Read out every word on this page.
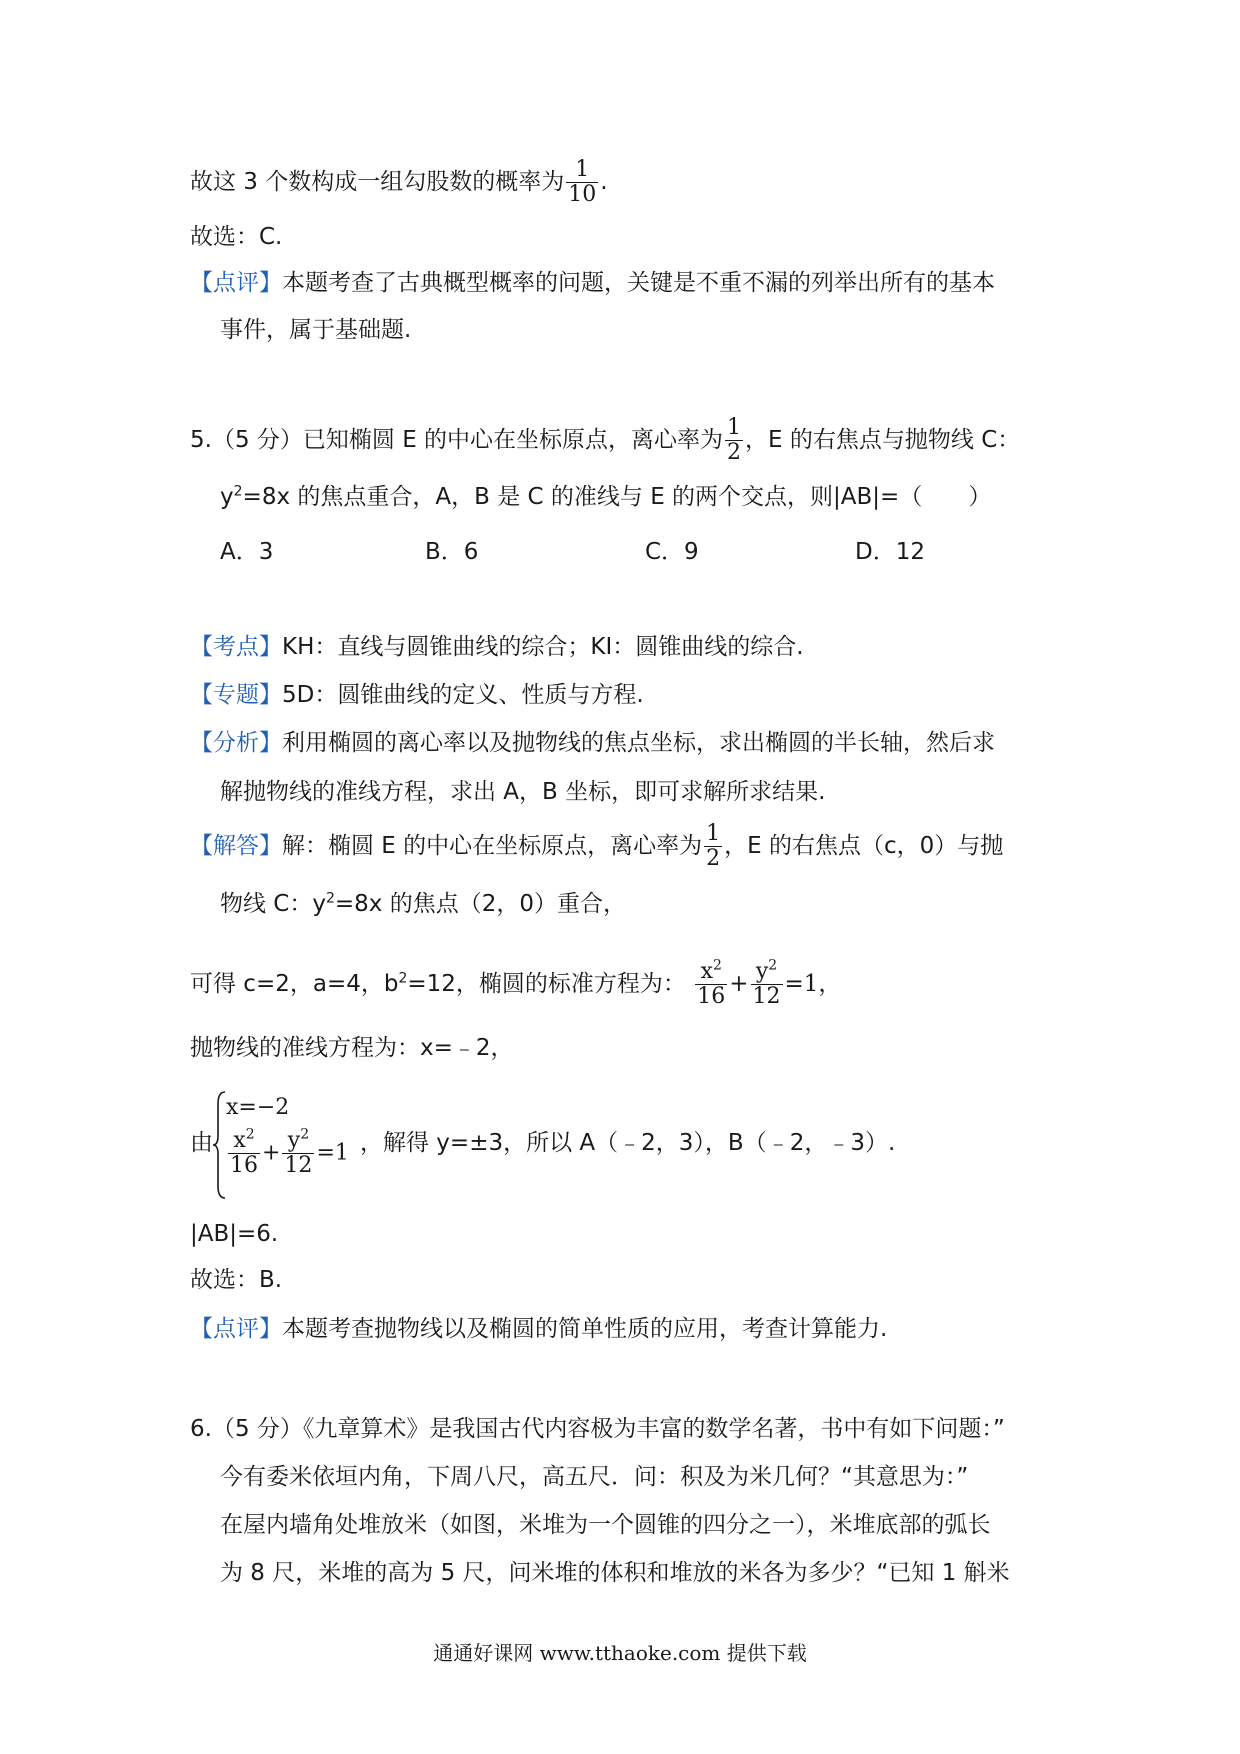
故这 3 个数构成一组勾股数的概率为 $\frac{1}{10}$ .
故选：C.
【点评】本题考查了古典概型概率的问题，关键是不重不漏的列举出所有的基本
事件，属于基础题.
5.（5 分）已知椭圆 E 的中心在坐标原点，离心率为 $\frac{1}{2}$ ，E 的右焦点与抛物线 C：
$y^2=8x$ 的焦点重合，A，B 是 C 的准线与 E 的两个交点，则|AB|=（　　）
A．3	B．6	C．9	D．12
【考点】KH：直线与圆锥曲线的综合；KI：圆锥曲线的综合.
【专题】5D：圆锥曲线的定义、性质与方程.
【分析】利用椭圆的离心率以及抛物线的焦点坐标，求出椭圆的半长轴，然后求
解抛物线的准线方程，求出 A，B 坐标，即可求解所求结果.
【解答】解：椭圆 E 的中心在坐标原点，离心率为 $\frac{1}{2}$ ，E 的右焦点（c，0）与抛
物线 C：$y^2=8x$ 的焦点（2，0）重合，
可得 c=2，a=4，$b^2=12$，椭圆的标准方程为： $\frac{x^2}{16} + \frac{y^2}{12} =1$，
抛物线的准线方程为：x=﹣2，
由
x=−2
$\frac{x^2}{16} + \frac{y^2}{12} =1$ ，解得 y=±3，所以 A（﹣2，3），B（﹣2，﹣3）.
|AB|=6.
故选：B.
【点评】本题考查抛物线以及椭圆的简单性质的应用，考查计算能力.
6.（5 分）《九章算术》是我国古代内容极为丰富的数学名著，书中有如下问题：”
今有委米依垣内角，下周八尺，高五尺．问：积及为米几何？“其意思为：”
在屋内墙角处堆放米（如图，米堆为一个圆锥的四分之一），米堆底部的弧长
为 8 尺，米堆的高为 5 尺，问米堆的体积和堆放的米各为多少？“已知 1 斛米
通通好课网 www.tthaoke.com 提供下载
